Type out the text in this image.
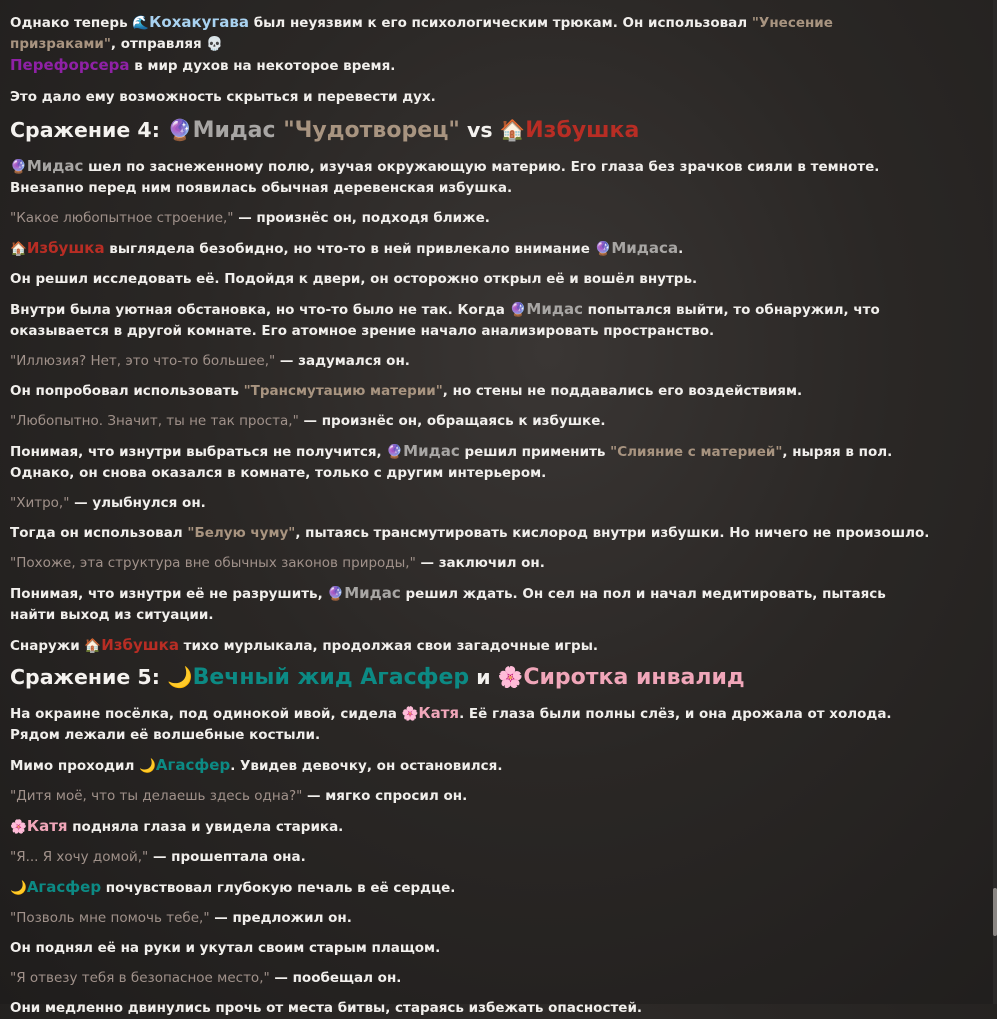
Однако теперь 🌊Кохакугава был неуязвим к его психологическим трюкам. Он использовал "Унесение призраками", отправляя 💀
Пeрeфорсера в мир духов на некоторое время.

Это дало ему возможность скрыться и перевести дух.

Сражение 4: 🔮Мидас "Чудотворец" vs 🏠Избушка

🔮Мидас шел по заснеженному полю, изучая окружающую материю. Его глаза без зрачков сияли в темноте. Внезапно перед ним появилась обычная деревенская избушка.

"Какое любопытное строение," — произнёс он, подходя ближе.

🏠Избушка выглядела безобидно, но что-то в ней привлекало внимание 🔮Мидаса.

Он решил исследовать её. Подойдя к двери, он осторожно открыл её и вошёл внутрь.

Внутри была уютная обстановка, но что-то было не так. Когда 🔮Мидас попытался выйти, то обнаружил, что оказывается в другой комнате. Его атомное зрение начало анализировать пространство.

"Иллюзия? Нет, это что-то большее," — задумался он.

Он попробовал использовать "Трансмутацию материи", но стены не поддавались его воздействиям.

"Любопытно. Значит, ты не так проста," — произнёс он, обращаясь к избушке.

Понимая, что изнутри выбраться не получится, 🔮Мидас решил применить "Слияние с материей", ныряя в пол. Однако, он снова оказался в комнате, только с другим интерьером.

"Хитро," — улыбнулся он.

Тогда он использовал "Белую чуму", пытаясь трансмутировать кислород внутри избушки. Но ничего не произошло.

"Похоже, эта структура вне обычных законов природы," — заключил он.

Понимая, что изнутри её не разрушить, 🔮Мидас решил ждать. Он сел на пол и начал медитировать, пытаясь найти выход из ситуации.

Снаружи 🏠Избушка тихо мурлыкала, продолжая свои загадочные игры.

Сражение 5: 🌙Вечный жид Агасфер и 🌸Сиротка инвалид

На окраине посёлка, под одинокой ивой, сидела 🌸Катя. Её глаза были полны слёз, и она дрожала от холода. Рядом лежали её волшебные костыли.

Мимо проходил 🌙Агасфер. Увидев девочку, он остановился.

"Дитя моё, что ты делаешь здесь одна?" — мягко спросил он.

🌸Катя подняла глаза и увидела старика.

"Я... Я хочу домой," — прошептала она.

🌙Агасфер почувствовал глубокую печаль в её сердце.

"Позволь мне помочь тебе," — предложил он.

Он поднял её на руки и укутал своим старым плащом.

"Я отвезу тебя в безопасное место," — пообещал он.

Они медленно двинулись прочь от места битвы, стараясь избежать опасностей.
